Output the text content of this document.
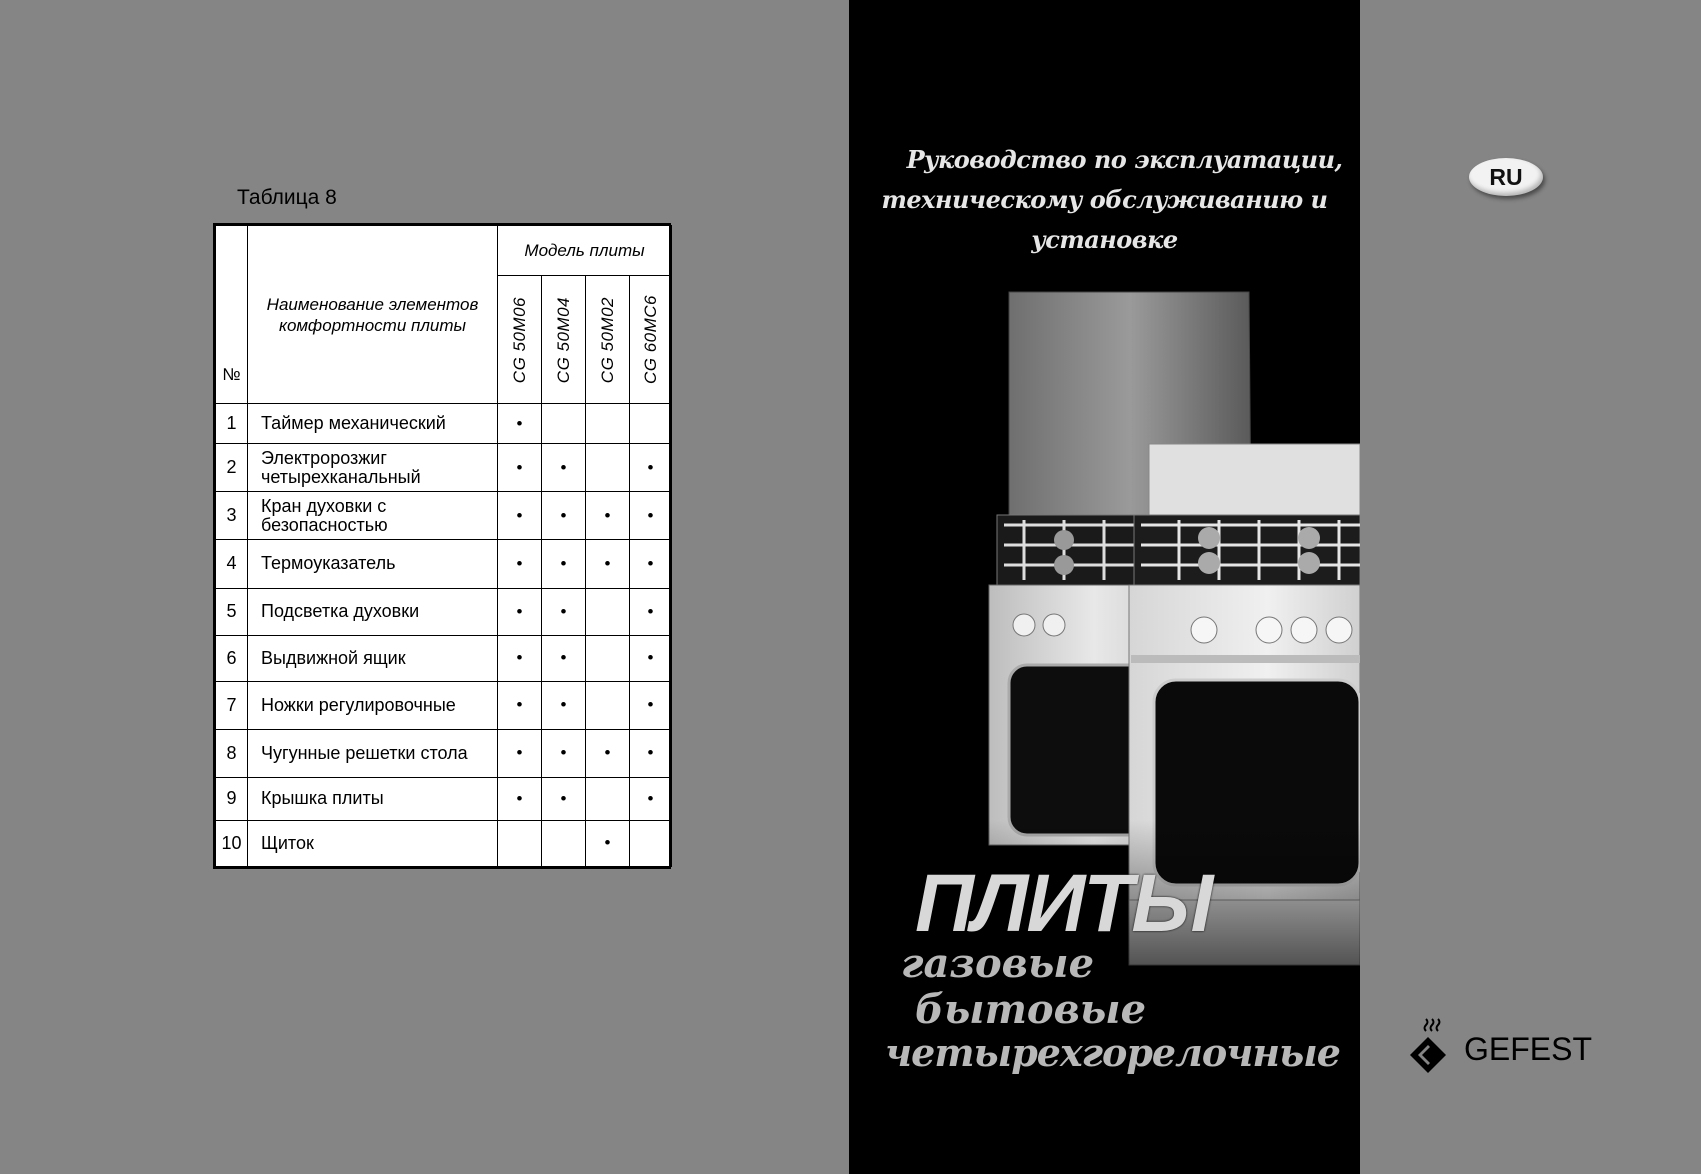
Таблица 8
№	Наименование элементов комфортности плиты	Модель плиты			

		CG 50M06	CG 50M04	CG 50M02	CG 60MC6

1	Таймер механический	•			
2	Электророзжиг четырехканальный	•	•		•
3	Кран духовки с безопасностью	•	•	•	•
4	Термоуказатель	•	•	•	•
5	Подсветка духовки	•	•		•
6	Выдвижной ящик	•	•		•
7	Ножки регулировочные	•	•		•
8	Чугунные решетки стола	•	•	•	•
9	Крышка плиты	•	•		•
10	Щиток			•	
Руководство по эксплуатации,
техническому обслуживанию и установке
ПЛИТЫ
газовые
бытовые
четырехгорелочные
RU
GEFEST
